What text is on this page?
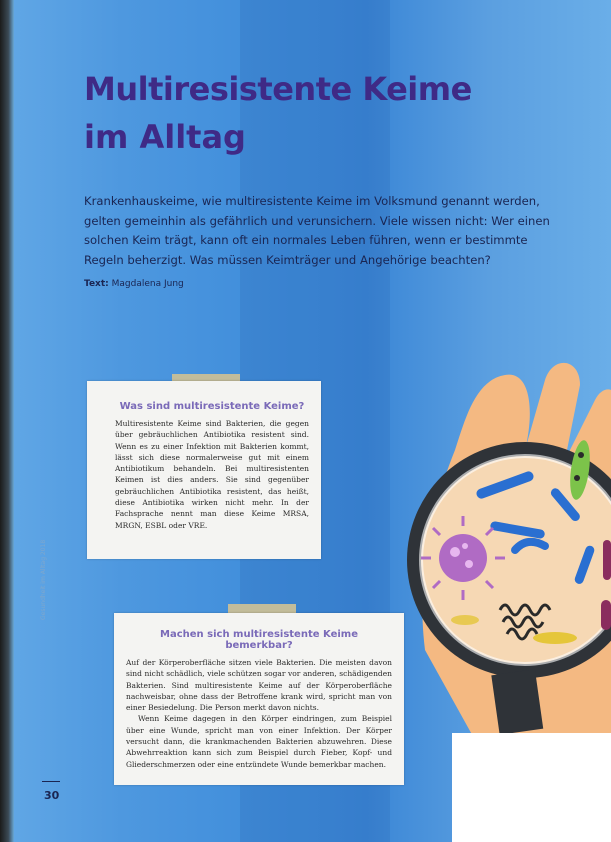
Multiresistente Keime
im Alltag

Krankenhauskeime, wie multiresistente Keime im Volksmund genannt werden, gelten gemeinhin als gefährlich und verunsichern. Viele wissen nicht: Wer einen solchen Keim trägt, kann oft ein normales Leben führen, wenn er bestimmte Regeln beherzigt. Was müssen Keimträger und Angehörige beachten?

Text: Magdalena Jung
Was sind multiresistente Keime?

Multiresistente Keime sind Bakterien, die gegen über gebräuchlichen Antibiotika resistent sind. Wenn es zu einer Infektion mit Bakterien kommt, lässt sich diese normalerweise gut mit einem Antibiotikum behandeln. Bei multiresistenten Keimen ist dies anders. Sie sind gegenüber gebräuchlichen Antibiotika resistent, das heißt, diese Antibiotika wirken nicht mehr. In der Fachsprache nennt man diese Keime MRSA, MRGN, ESBL oder VRE.

Machen sich multiresistente Keime bemerkbar?

Auf der Körperoberfläche sitzen viele Bakterien. Die meisten davon sind nicht schädlich, viele schützen sogar vor anderen, schädigenden Bakterien. Sind multiresistente Keime auf der Körperoberfläche nachweisbar, ohne dass der Betroffene krank wird, spricht man von einer Besiedelung. Die Person merkt davon nichts.

Wenn Keime dagegen in den Körper eindringen, zum Beispiel über eine Wunde, spricht man von einer Infektion. Der Körper versucht dann, die krankmachenden Bakterien abzuwehren. Diese Abwehrreaktion kann sich zum Beispiel durch Fieber, Kopf- und Gliederschmerzen oder eine entzündete Wunde bemerkbar machen.

Gesundheit im Alltag 2018
30
